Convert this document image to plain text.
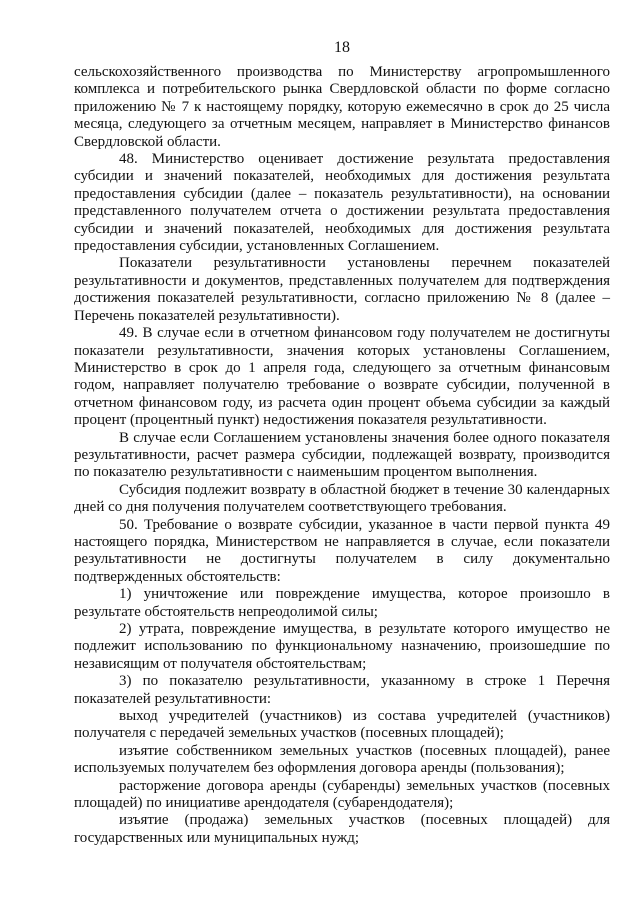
18

сельскохозяйственного производства по Министерству агропромышленного комплекса и потребительского рынка Свердловской области по форме согласно приложению № 7 к настоящему порядку, которую ежемесячно в срок до 25 числа месяца, следующего за отчетным месяцем, направляет в Министерство финансов Свердловской области.

48. Министерство оценивает достижение результата предоставления субсидии и значений показателей, необходимых для достижения результата предоставления субсидии (далее – показатель результативности), на основании представленного получателем отчета о достижении результата предоставления субсидии и значений показателей, необходимых для достижения результата предоставления субсидии, установленных Соглашением.

Показатели результативности установлены перечнем показателей результативности и документов, представленных получателем для подтверждения достижения показателей результативности, согласно приложению № 8 (далее – Перечень показателей результативности).

49. В случае если в отчетном финансовом году получателем не достигнуты показатели результативности, значения которых установлены Соглашением, Министерство в срок до 1 апреля года, следующего за отчетным финансовым годом, направляет получателю требование о возврате субсидии, полученной в отчетном финансовом году, из расчета один процент объема субсидии за каждый процент (процентный пункт) недостижения показателя результативности.

В случае если Соглашением установлены значения более одного показателя результативности, расчет размера субсидии, подлежащей возврату, производится по показателю результативности с наименьшим процентом выполнения.

Субсидия подлежит возврату в областной бюджет в течение 30 календарных дней со дня получения получателем соответствующего требования.

50. Требование о возврате субсидии, указанное в части первой пункта 49 настоящего порядка, Министерством не направляется в случае, если показатели результативности не достигнуты получателем в силу документально подтвержденных обстоятельств:

1) уничтожение или повреждение имущества, которое произошло в результате обстоятельств непреодолимой силы;

2) утрата, повреждение имущества, в результате которого имущество не подлежит использованию по функциональному назначению, произошедшие по независящим от получателя обстоятельствам;

3) по показателю результативности, указанному в строке 1 Перечня показателей результативности:

выход учредителей (участников) из состава учредителей (участников) получателя с передачей земельных участков (посевных площадей);

изъятие собственником земельных участков (посевных площадей), ранее используемых получателем без оформления договора аренды (пользования);

расторжение договора аренды (субаренды) земельных участков (посевных площадей) по инициативе арендодателя (субарендодателя);

изъятие (продажа) земельных участков (посевных площадей) для государственных или муниципальных нужд;
